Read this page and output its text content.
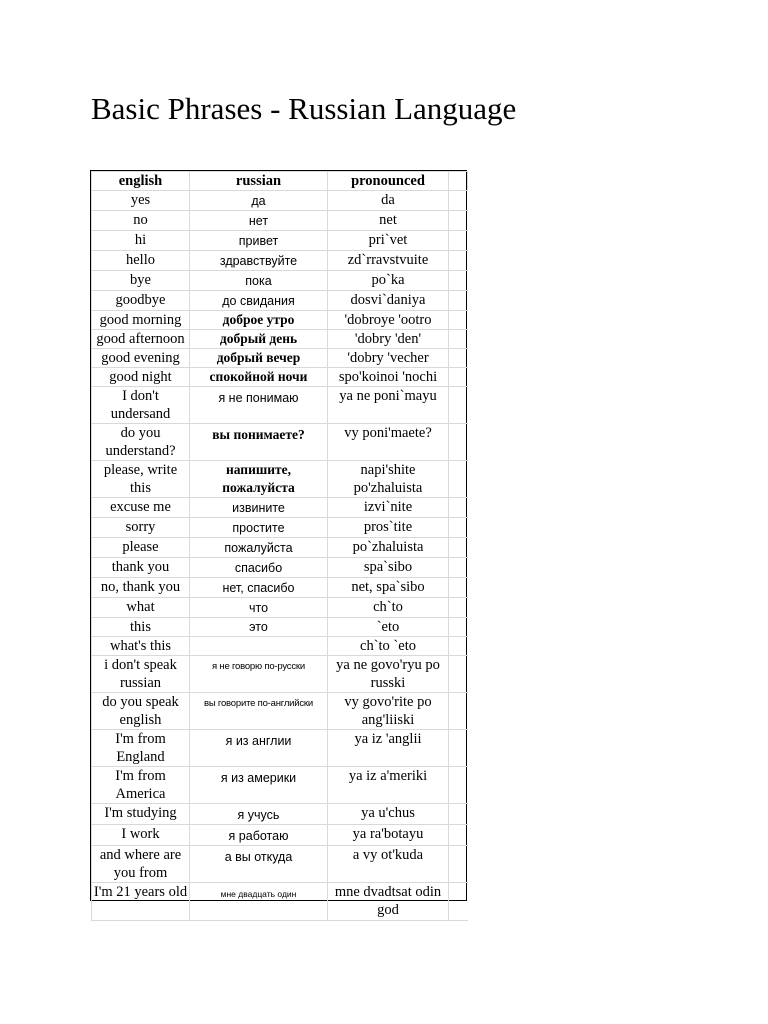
Basic Phrases - Russian Language
english	russian	pronounced	
yes	да	da	
no	нет	net	
hi	привет	pri`vet	
hello	здравствуйте	zd`rravstvuite	
bye	пока	po`ka	
goodbye	до свидания	dosvi`daniya	
good morning	доброе утро	'dobroye 'ootro	
good afternoon	добрый день	'dobry 'den'	
good evening	добрый вечер	'dobry 'vecher	
good night	спокойной ночи	spo'koinoi 'nochi	
I don't undersand	я не понимаю	ya ne poni`mayu	
do you understand?	вы понимаете?	vy poni'maete?	
please, write this	напишите, пожалуйста	napi'shite po'zhaluista	
excuse me	извините	izvi`nite	
sorry	простите	pros`tite	
please	пожалуйста	po`zhaluista	
thank you	спасибо	spa`sibo	
no, thank you	нет, спасибо	net, spa`sibo	
what	что	ch`to	
this	это	`eto	
what's this		ch`to `eto	
i don't speak russian	я не говорю по-русски	ya ne govo'ryu po russki	
do you speak english	вы говорите по-английски	vy govo'rite po ang'liiski	
I'm from England	я из англии	ya iz 'anglii	
I'm from America	я из америки	ya iz a'meriki	
I'm studying	я учусь	ya u'chus	
I work	я работаю	ya ra'botayu	
and where are you from	а вы откуда	a vy ot'kuda	
I'm 21 years old	мне двадцать один	mne dvadtsat odin god	
